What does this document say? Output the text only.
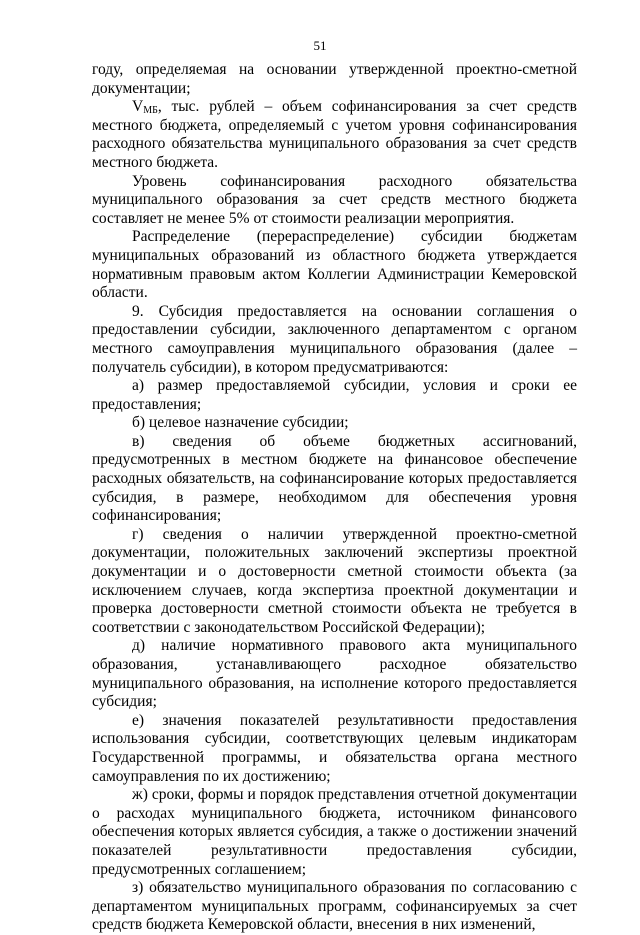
51

году, определяемая на основании утвержденной проектно-сметной документации;

$V_{МБ}$, тыс. рублей – объем софинансирования за счет средств местного бюджета, определяемый с учетом уровня софинансирования расходного обязательства муниципального образования за счет средств местного бюджета.

Уровень софинансирования расходного обязательства муниципального образования за счет средств местного бюджета составляет не менее 5% от стоимости реализации мероприятия.

Распределение (перераспределение) субсидии бюджетам муниципальных образований из областного бюджета утверждается нормативным правовым актом Коллегии Администрации Кемеровской области.

9. Субсидия предоставляется на основании соглашения о предоставлении субсидии, заключенного департаментом с органом местного самоуправления муниципального образования (далее – получатель субсидии), в котором предусматриваются:

а) размер предоставляемой субсидии, условия и сроки ее предоставления;

б) целевое назначение субсидии;

в) сведения об объеме бюджетных ассигнований, предусмотренных в местном бюджете на финансовое обеспечение расходных обязательств, на софинансирование которых предоставляется субсидия, в размере, необходимом для обеспечения уровня софинансирования;

г) сведения о наличии утвержденной проектно-сметной документации, положительных заключений экспертизы проектной документации и о достоверности сметной стоимости объекта (за исключением случаев, когда экспертиза проектной документации и проверка достоверности сметной стоимости объекта не требуется в соответствии с законодательством Российской Федерации);

д) наличие нормативного правового акта муниципального образования, устанавливающего расходное обязательство муниципального образования, на исполнение которого предоставляется субсидия;

е) значения показателей результативности предоставления использования субсидии, соответствующих целевым индикаторам Государственной программы, и обязательства органа местного самоуправления по их достижению;

ж) сроки, формы и порядок представления отчетной документации о расходах муниципального бюджета, источником финансового обеспечения которых является субсидия, а также о достижении значений показателей результативности предоставления субсидии, предусмотренных соглашением;

з) обязательство муниципального образования по согласованию с департаментом муниципальных программ, софинансируемых за счет средств бюджета Кемеровской области, внесения в них изменений,
